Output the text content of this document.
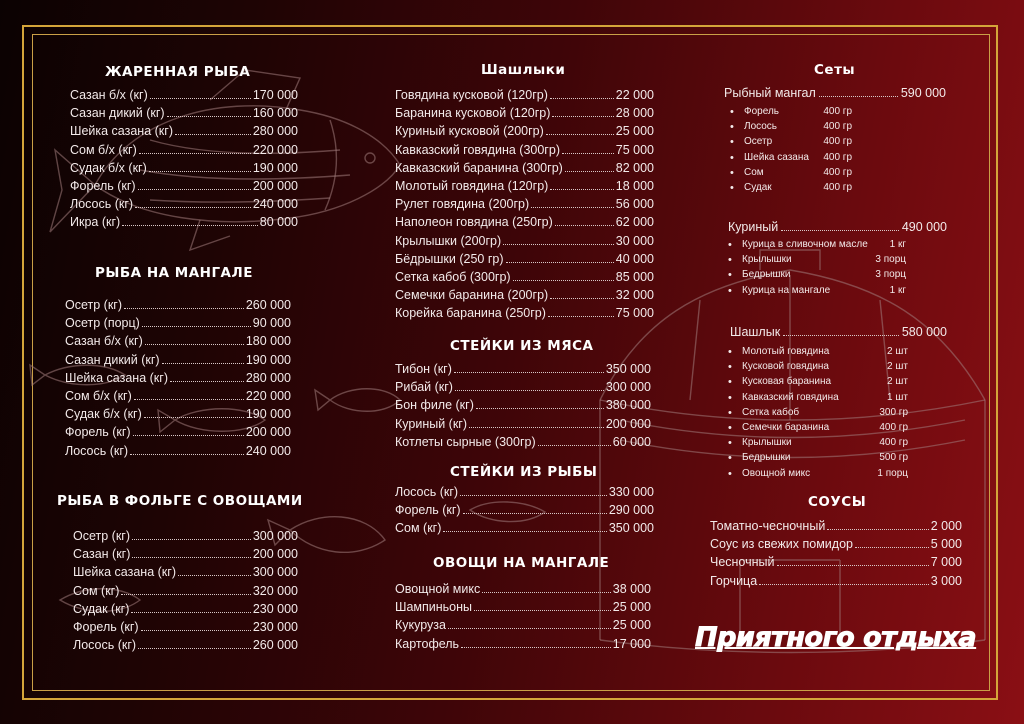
ЖАРЕННАЯ РЫБА
Сазан б/х (кг)	170 000
Сазан дикий (кг)	160 000
Шейка сазана (кг)	280 000
Сом б/х (кг)	220 000
Судак б/х (кг)	190 000
Форель (кг)	200 000
Лосось (кг)	240 000
Икра (кг)	80 000
РЫБА НА МАНГАЛЕ
Осетр (кг)	260 000
Осетр (порц)	90 000
Сазан б/х (кг)	180 000
Сазан дикий (кг)	190 000
Шейка сазана (кг)	280 000
Сом б/х (кг)	220 000
Судак б/х (кг)	190 000
Форель (кг)	200 000
Лосось (кг)	240 000
РЫБА В ФОЛЬГЕ С ОВОЩАМИ
Осетр (кг)	300 000
Сазан (кг)	200 000
Шейка сазана (кг)	300 000
Сом (кг)	320 000
Судак (кг)	230 000
Форель (кг)	230 000
Лосось (кг)	260 000
Шашлыки
Говядина кусковой (120гр)	22 000
Баранина кусковой (120гр)	28 000
Куриный кусковой (200гр)	25 000
Кавказский говядина (300гр)	75 000
Кавказский баранина (300гр)	82 000
Молотый говядина (120гр)	18 000
Рулет говядина (200гр)	56 000
Наполеон говядина (250гр)	62 000
Крылышки (200гр)	30 000
Бёдрышки (250 гр)	40 000
Сетка кабоб (300гр)	85 000
Семечки баранина (200гр)	32 000
Корейка баранина (250гр)	75 000
СТЕЙКИ ИЗ МЯСА
Тибон (кг)	350 000
Рибай (кг)	300 000
Бон филе (кг)	380 000
Куриный (кг)	200 000
Котлеты сырные (300гр)	60 000
СТЕЙКИ ИЗ РЫБЫ
Лосось (кг)	330 000
Форель (кг)	290 000
Сом (кг)	350 000
ОВОЩИ НА МАНГАЛЕ
Овощной микс	38 000
Шампиньоны	25 000
Кукуруза	25 000
Картофель	17 000
Сеты
Рыбный мангал	590 000
•
Форель	400 гр
•
Лосось	400 гр
•
Осетр	400 гр
•
Шейка сазана	400 гр
•
Сом	400 гр
•
Судак	400 гр
Куриный	490 000
•
Курица в сливочном масле	1 кг
•
Крылышки	3 порц
•
Бедрышки	3 порц
•
Курица на мангале	1 кг
Шашлык	580 000
•
Молотый говядина	2 шт
•
Кусковой говядина	2 шт
•
Кусковая баранина	2 шт
•
Кавказский говядина	1 шт
•
Сетка кабоб	300 гр
•
Семечки баранина	400 гр
•
Крылышки	400 гр
•
Бедрышки	500 гр
•
Овощной микс	1 порц
СОУСЫ
Томатно-чесночный	2 000
Соус из свежих помидор	5 000
Чесночный	7 000
Горчица	3 000
Приятного отдыха
